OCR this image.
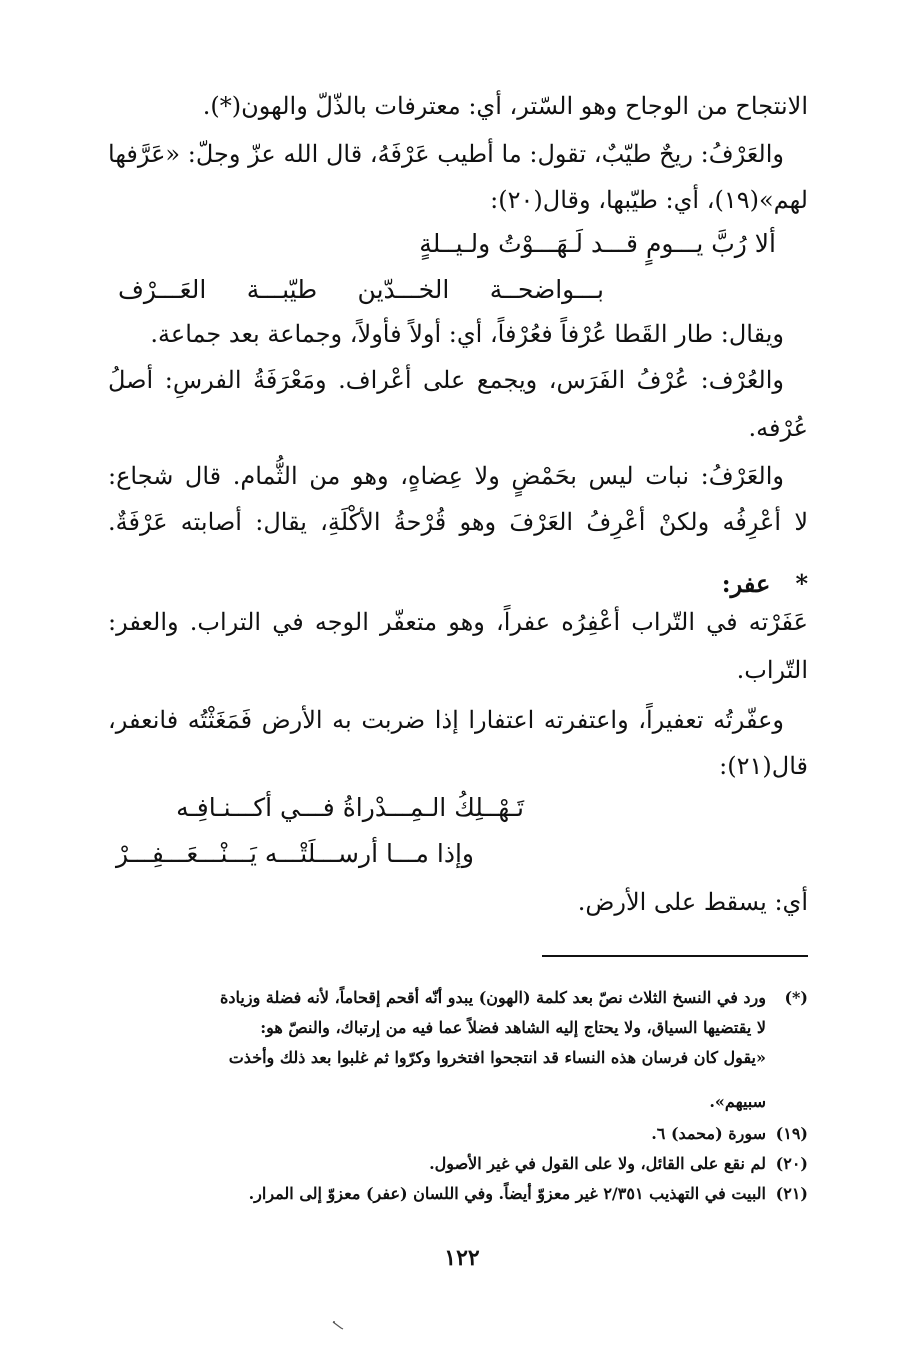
الانتجاح من الوجاح وهو السّتر، أي: معترفات بالذّلّ والهون(*).
والعَرْفُ: ريحٌ طيّبٌ، تقول: ما أطيب عَرْفَهُ، قال الله عزّ وجلّ: «عَرَّفها
لهم»(١٩)، أي: طيّبها، وقال(٢٠):
ألا رُبَّ يـــومٍ قـــد لَـهَـــوْتُ ولـيــلةٍ
بـــواضحــة الخـــدّين طيّبـــة العَـــرْف
ويقال: طار القَطا عُرْفاً فعُرْفاً، أي: أولاً فأولاً، وجماعة بعد جماعة.
والعُرْف: عُرْفُ الفَرَس، ويجمع على أعْراف. ومَعْرَفَةُ الفرسِ: أصلُ
عُرْفه.
والعَرْفُ: نبات ليس بحَمْضٍ ولا عِضاهٍ، وهو من الثُّمام. قال شجاع:
لا أعْرِفُه ولكنْ أعْرِفُ العَرْفَ وهو قُرْحةُ الأكْلَةِ، يقال: أصابته عَرْفَةٌ.
*   عفر:
عَفَرْته في التّراب أعْفِرُه عفراً، وهو متعفّر الوجه في التراب. والعفر:
التّراب.
وعفّرتُه تعفيراً، واعتفرته اعتفارا إذا ضربت به الأرض فَمَغَثْتُه فانعفر،
قال(٢١):
تَـهْــلِكُ الـمِـــدْراةُ فـــي أكـــنـافِـه
وإذا مـــا أرســـلَتْـــه يَـــنْـــعَـــفِـــرْ
أي: يسقط على الأرض.
(*)ورد في النسخ الثلاث نصّ بعد كلمة (الهون) يبدو أنّه أقحم إقحاماً، لأنه فضلة وزيادة
لا يقتضيها السياق، ولا يحتاج إليه الشاهد فضلاً عما فيه من إرتباك، والنصّ هو:
«يقول كان فرسان هذه النساء قد انتجحوا افتخروا وكرّوا ثم غلبوا بعد ذلك وأخذت
سبيهم».
(١٩)سورة (محمد) ٦.
(٢٠)لم نقع على القائل، ولا على القول في غير الأصول.
(٢١)البيت في التهذيب ٢/٣٥١ غير معزوّ أيضاً. وفي اللسان (عفر) معزوّ إلى المرار.
١٢٢
